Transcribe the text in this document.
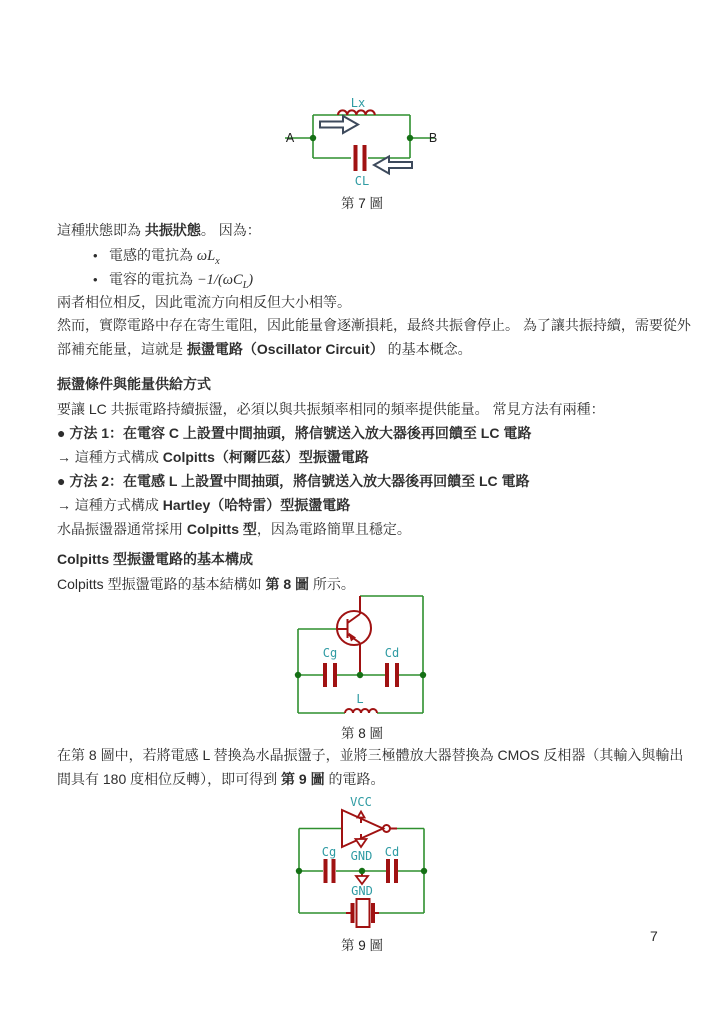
A	B
Lx
CL
第 7 圖
這種狀態即為 共振狀態。 因為：
• 電感的電抗為 $\omega L_x$
• 電容的電抗為 $-1/(\omega C_L)$
兩者相位相反，因此電流方向相反但大小相等。
然而，實際電路中存在寄生電阻，因此能量會逐漸損耗，最終共振會停止。 為了讓共振持續，需要從外
部補充能量，這就是 振盪電路（Oscillator Circuit） 的基本概念。
振盪條件與能量供給方式
要讓 LC 共振電路持續振盪，必須以與共振頻率相同的頻率提供能量。 常見方法有兩種：
● 方法 1：在電容 C 上設置中間抽頭，將信號送入放大器後再回饋至 LC 電路
→ 這種方式構成 Colpitts（柯爾匹茲）型振盪電路
● 方法 2：在電感 L 上設置中間抽頭，將信號送入放大器後再回饋至 LC 電路
→ 這種方式構成 Hartley（哈特雷）型振盪電路
水晶振盪器通常採用 Colpitts 型，因為電路簡單且穩定。
Colpitts 型振盪電路的基本構成
Colpitts 型振盪電路的基本結構如 第 8 圖 所示。
Cg	Cd
L
第 8 圖
在第 8 圖中，若將電感 L 替換為水晶振盪子，並將三極體放大器替換為 CMOS 反相器（其輸入與輸出
間具有 180 度相位反轉），即可得到 第 9 圖 的電路。
VCC
GND
Cg	Cd
GND
第 9 圖
7
